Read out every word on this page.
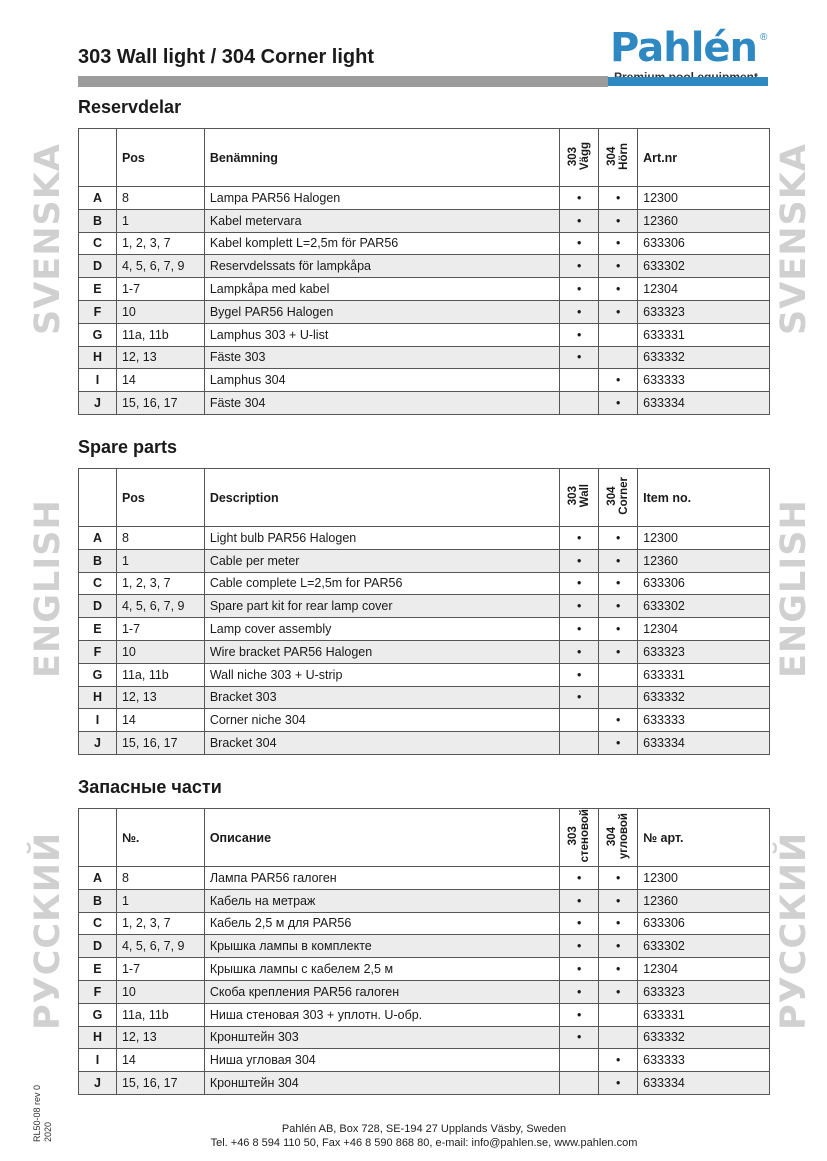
303 Wall light / 304 Corner light	Pahlén ®
Reservdelar
SVENSKA	SVENSKA
	Pos	Benämning	303 Vägg	304 Hörn	Art.nr
A	8	Lampa PAR56 Halogen	•	•	12300
B	1	Kabel metervara	•	•	12360
C	1, 2, 3, 7	Kabel komplett L=2,5m för PAR56	•	•	633306
D	4, 5, 6, 7, 9	Reservdelssats för lampkåpa	•	•	633302
E	1-7	Lampkåpa med kabel	•	•	12304
F	10	Bygel PAR56 Halogen	•	•	633323
G	11a, 11b	Lamphus 303 + U-list	•		633331
H	12, 13	Fäste 303	•		633332
I	14	Lamphus 304		•	633333
J	15, 16, 17	Fäste 304		•	633334
Spare parts
ENGLISH	ENGLISH
	Pos	Description	303 Wall	304 Corner	Item no.
A	8	Light bulb PAR56 Halogen	•	•	12300
B	1	Cable per meter	•	•	12360
C	1, 2, 3, 7	Cable complete L=2,5m for PAR56	•	•	633306
D	4, 5, 6, 7, 9	Spare part kit for rear lamp cover	•	•	633302
E	1-7	Lamp cover assembly	•	•	12304
F	10	Wire bracket PAR56 Halogen	•	•	633323
G	11a, 11b	Wall niche 303 + U-strip	•		633331
H	12, 13	Bracket 303	•		633332
I	14	Corner niche 304		•	633333
J	15, 16, 17	Bracket 304		•	633334
Запасные части
РУССКИЙ	РУССКИЙ
	№.	Описание	303 стеновой	304 угловой	№ арт.
A	8	Лампа PAR56 галоген	•	•	12300
B	1	Кабель на метраж	•	•	12360
C	1, 2, 3, 7	Кабель 2,5 м для PAR56	•	•	633306
D	4, 5, 6, 7, 9	Крышка лампы в комплекте	•	•	633302
E	1-7	Крышка лампы с кабелем 2,5 м	•	•	12304
F	10	Скоба крепления PAR56 галоген	•	•	633323
G	11a, 11b	Ниша стеновая 303 + уплотн. U-обр.	•		633331
H	12, 13	Кронштейн 303	•		633332
I	14	Ниша угловая 304		•	633333
J	15, 16, 17	Кронштейн 304		•	633334
RL50-08 rev 0 2020	Pahlén AB, Box 728, SE-194 27 Upplands Väsby, Sweden
Tel. +46 8 594 110 50, Fax +46 8 590 868 80, e-mail: info@pahlen.se, www.pahlen.com
